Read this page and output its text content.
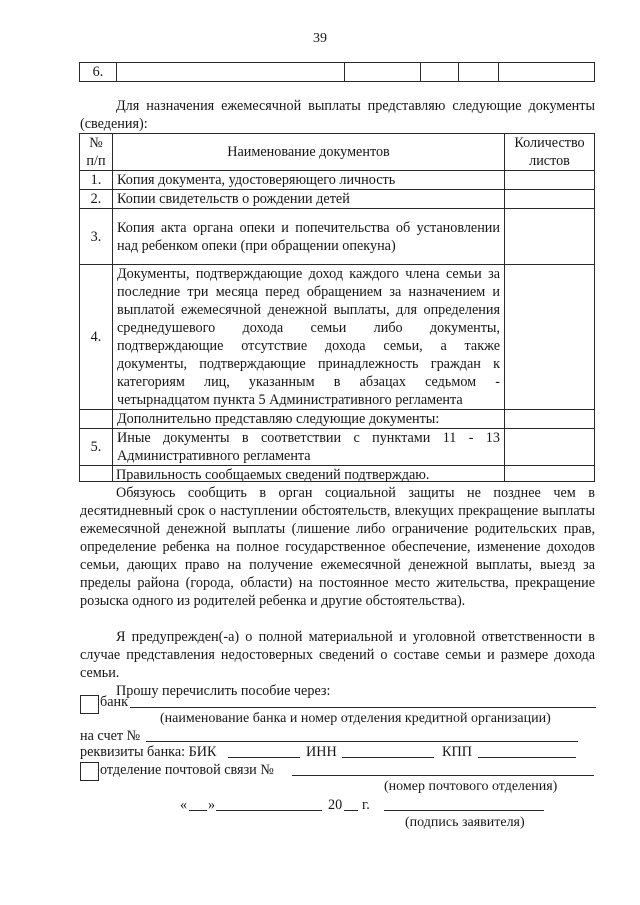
39
6.					
Для назначения ежемесячной выплаты представляю следующие документы (сведения):
№
п/п	Наименование документов	Количество
листов
1.	Копия документа, удостоверяющего личность	
2.	Копии свидетельств о рождении детей	
3.	Копия акта органа опеки и попечительства об установлении над ребенком опеки (при обращении опекуна)	
4.	Документы, подтверждающие доход каждого члена семьи за последние три месяца перед обращением за назначением и выплатой ежемесячной денежной выплаты, для определения среднедушевого дохода семьи либо документы, подтверждающие отсутствие дохода семьи, а также документы, подтверждающие принадлежность граждан к категориям лиц, указанным в абзацах седьмом - четырнадцатом пункта 5 Административного регламента	
	Дополнительно представляю следующие документы:	
5.	Иные документы в соответствии с пунктами 11 - 13 Административного регламента	

Правильность сообщаемых сведений подтверждаю.
Обязуюсь сообщить в орган социальной защиты не позднее чем в десятидневный срок о наступлении обстоятельств, влекущих прекращение выплаты ежемесячной денежной выплаты (лишение либо ограничение родительских прав, определение ребенка на полное государственное обеспечение, изменение доходов семьи, дающих право на получение ежемесячной денежной выплаты, выезд за пределы района (города, области) на постоянное место жительства, прекращение розыска одного из родителей ребенка и другие обстоятельства).
Я предупрежден(-а) о полной материальной и уголовной ответственности в случае представления недостоверных сведений о составе семьи и размере дохода семьи.
Прошу перечислить пособие через:
банк
(наименование банка и номер отделения кредитной организации)
на счет №
реквизиты банка: БИК	ИНН	КПП
отделение почтовой связи №
(номер почтового отделения)
« »	20 г.
(подпись заявителя)
